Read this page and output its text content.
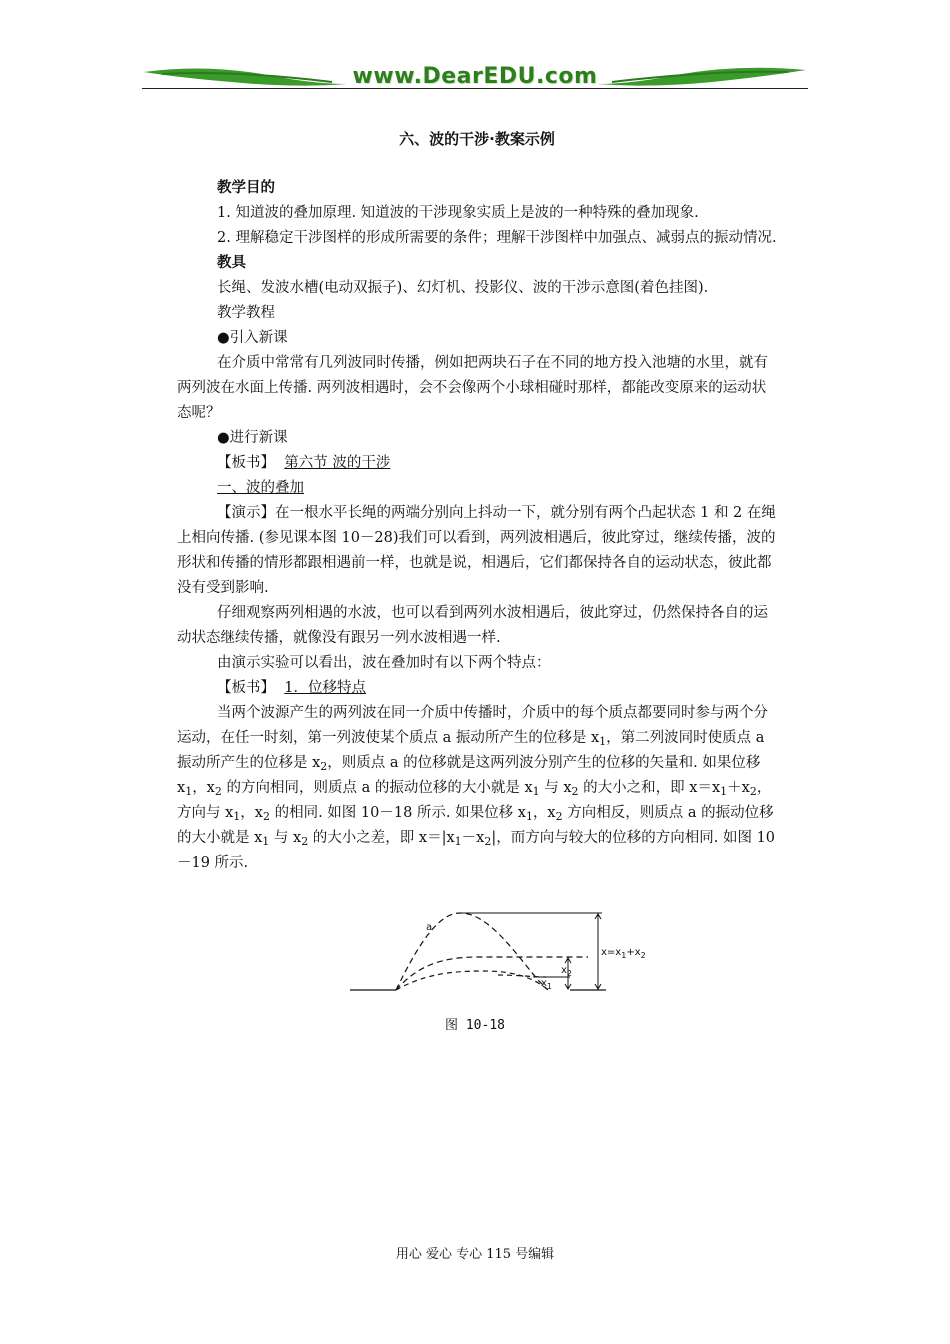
www.DearEDU.com

六、波的干涉·教案示例

教学目的

1. 知道波的叠加原理. 知道波的干涉现象实质上是波的一种特殊的叠加现象.

2. 理解稳定干涉图样的形成所需要的条件；理解干涉图样中加强点、减弱点的振动情况.

教具

长绳、发波水槽(电动双振子)、幻灯机、投影仪、波的干涉示意图(着色挂图).

教学教程

●引入新课

在介质中常常有几列波同时传播，例如把两块石子在不同的地方投入池塘的水里，就有两列波在水面上传播. 两列波相遇时，会不会像两个小球相碰时那样，都能改变原来的运动状态呢？

●进行新课

【板书】 第六节 波的干涉

一、波的叠加

【演示】在一根水平长绳的两端分别向上抖动一下，就分别有两个凸起状态 1 和 2 在绳上相向传播. (参见课本图 10－28)我们可以看到，两列波相遇后，彼此穿过，继续传播，波的形状和传播的情形都跟相遇前一样，也就是说，相遇后，它们都保持各自的运动状态，彼此都没有受到影响.

仔细观察两列相遇的水波，也可以看到两列水波相遇后，彼此穿过，仍然保持各自的运动状态继续传播，就像没有跟另一列水波相遇一样.

由演示实验可以看出，波在叠加时有以下两个特点：

【板书】 1．位移特点

当两个波源产生的两列波在同一介质中传播时，介质中的每个质点都要同时参与两个分运动，在任一时刻，第一列波使某个质点 a 振动所产生的位移是 $x_1$，第二列波同时使质点 a 振动所产生的位移是 $x_2$，则质点 a 的位移就是这两列波分别产生的位移的矢量和. 如果位移 $x_1$，$x_2$ 的方向相同，则质点 a 的振动位移的大小就是 $x_1$ 与 $x_2$ 的大小之和，即 $x=x_1+x_2$，方向与 $x_1$，$x_2$ 的相同. 如图 10－18 所示. 如果位移 $x_1$，$x_2$ 方向相反，则质点 a 的振动位移的大小就是 $x_1$ 与 $x_2$ 的大小之差，即 $x=|x_1-x_2|$，而方向与较大的位移的方向相同. 如图 10－19 所示.

a
$x=x_1+x_2$
$x_2$
$x_1$
图 10-18
用心 爱心 专心 115 号编辑
